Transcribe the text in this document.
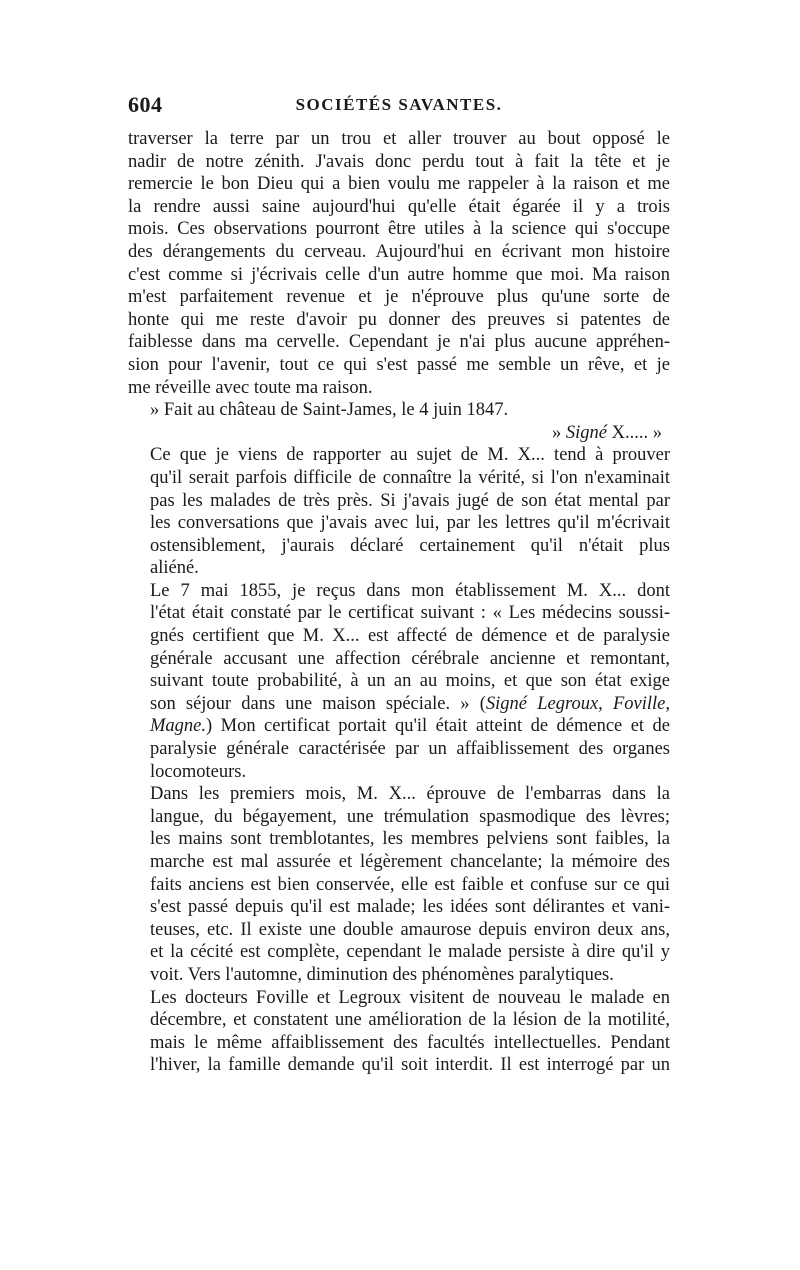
604	SOCIÉTÉS SAVANTES.

traverser la terre par un trou et aller trouver au bout opposé le
nadir de notre zénith. J'avais donc perdu tout à fait la tête et je
remercie le bon Dieu qui a bien voulu me rappeler à la raison et me
la rendre aussi saine aujourd'hui qu'elle était égarée il y a trois
mois. Ces observations pourront être utiles à la science qui s'occupe
des dérangements du cerveau. Aujourd'hui en écrivant mon histoire
c'est comme si j'écrivais celle d'un autre homme que moi. Ma raison
m'est parfaitement revenue et je n'éprouve plus qu'une sorte de
honte qui me reste d'avoir pu donner des preuves si patentes de
faiblesse dans ma cervelle. Cependant je n'ai plus aucune appréhen-
sion pour l'avenir, tout ce qui s'est passé me semble un rêve, et je
me réveille avec toute ma raison.

» Fait au château de Saint-James, le 4 juin 1847.

» Signé X..... »

Ce que je viens de rapporter au sujet de M. X... tend à prouver
qu'il serait parfois difficile de connaître la vérité, si l'on n'examinait
pas les malades de très près. Si j'avais jugé de son état mental par
les conversations que j'avais avec lui, par les lettres qu'il m'écrivait
ostensiblement, j'aurais déclaré certainement qu'il n'était plus
aliéné.

Le 7 mai 1855, je reçus dans mon établissement M. X... dont
l'état était constaté par le certificat suivant : « Les médecins soussi-
gnés certifient que M. X... est affecté de démence et de paralysie
générale accusant une affection cérébrale ancienne et remontant,
suivant toute probabilité, à un an au moins, et que son état exige
son séjour dans une maison spéciale. » (Signé Legroux, Foville,
Magne.) Mon certificat portait qu'il était atteint de démence et de
paralysie générale caractérisée par un affaiblissement des organes
locomoteurs.

Dans les premiers mois, M. X... éprouve de l'embarras dans la
langue, du bégayement, une trémulation spasmodique des lèvres;
les mains sont tremblotantes, les membres pelviens sont faibles, la
marche est mal assurée et légèrement chancelante; la mémoire des
faits anciens est bien conservée, elle est faible et confuse sur ce qui
s'est passé depuis qu'il est malade; les idées sont délirantes et vani-
teuses, etc. Il existe une double amaurose depuis environ deux ans,
et la cécité est complète, cependant le malade persiste à dire qu'il y
voit. Vers l'automne, diminution des phénomènes paralytiques.

Les docteurs Foville et Legroux visitent de nouveau le malade en
décembre, et constatent une amélioration de la lésion de la motilité,
mais le même affaiblissement des facultés intellectuelles. Pendant
l'hiver, la famille demande qu'il soit interdit. Il est interrogé par un
